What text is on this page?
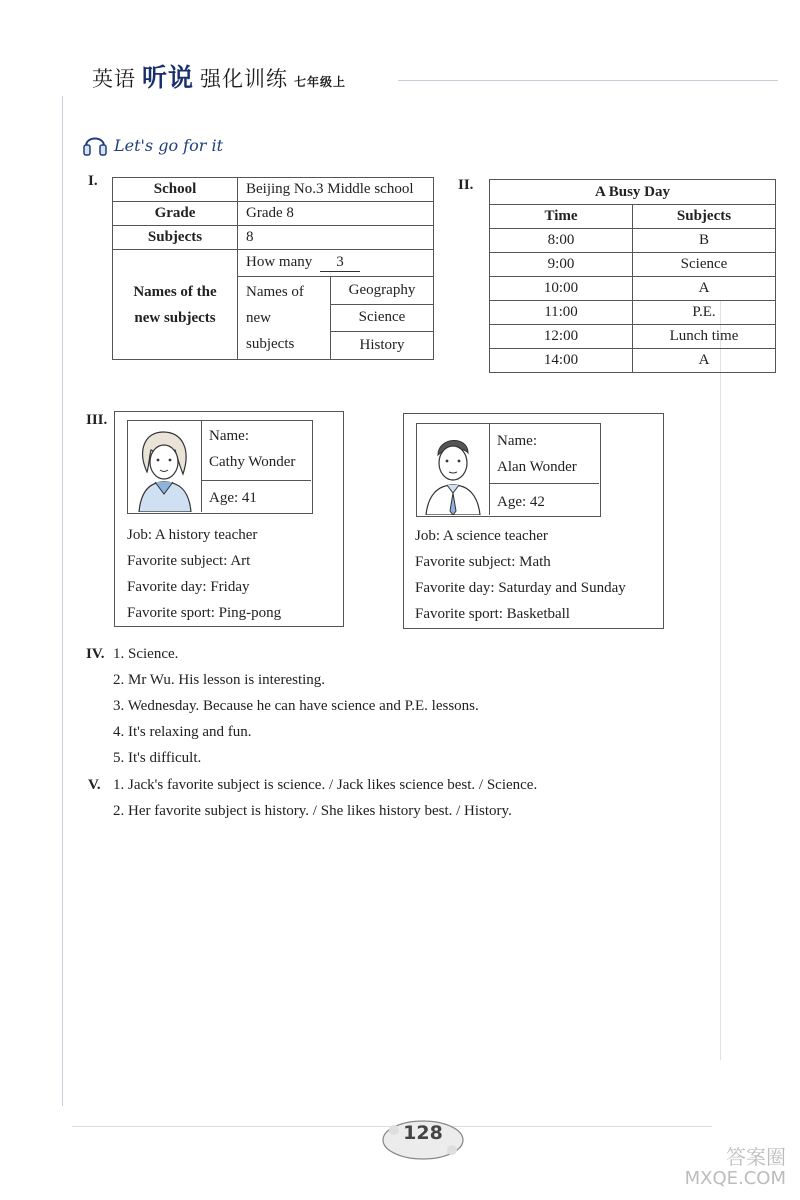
英语 听说 强化训练 七年级上
Let's go for it
I.	School	Beijing No.3 Middle school	
Grade	Grade 8	
Subjects	8	
Names of the new subjects	How many 3	
	Names of new subjects	Geography
		Science
		History
II.	A Busy Day	
Time	Subjects
8:00	B
9:00	Science
10:00	A
11:00	P.E.
12:00	Lunch time
14:00	A
III.

Name:

Cathy Wonder

Age: 41

Job: A history teacher

Favorite subject: Art

Favorite day: Friday

Favorite sport: Ping-pong

Name:

Alan Wonder

Age: 42

Job: A science teacher

Favorite subject: Math

Favorite day: Saturday and Sunday

Favorite sport: Basketball

IV. 1. Science.
2. Mr Wu. His lesson is interesting.
3. Wednesday. Because he can have science and P.E. lessons.
4. It's relaxing and fun.
5. It's difficult.
V. 1. Jack's favorite subject is science. / Jack likes science best. / Science.
2. Her favorite subject is history. / She likes history best. / History.
128
答案圈
MXQE.COM
